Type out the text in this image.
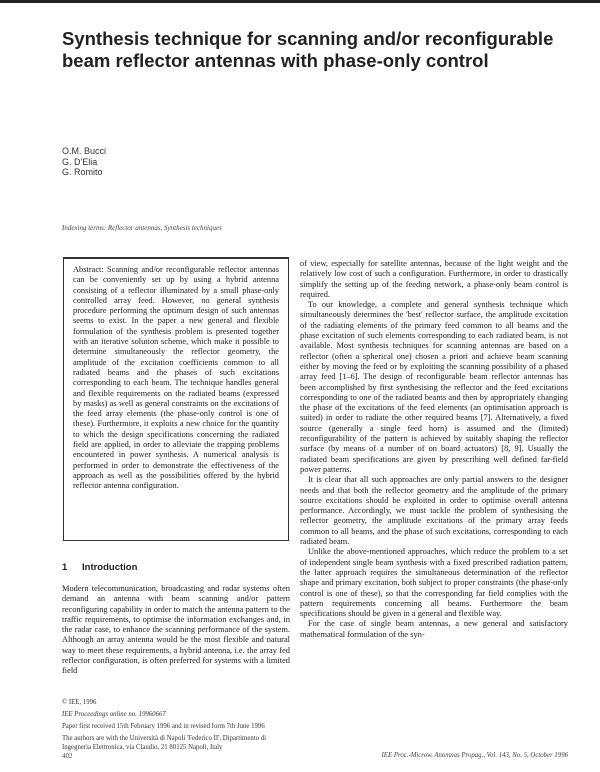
Synthesis technique for scanning and/or reconfigurable beam reflector antennas with phase-only control
O.M. Bucci
G. D'Elia
G. Romito
Indexing terms: Reflector antennas, Synthesis techniques

Abstract: Scanning and/or reconfigurable reflector antennas can be conveniently set up by using a hybrid antenna consisting of a reflector illuminated by a small phase-only controlled array feed. However, no general synthesis procedure performing the optimum design of such antennas seems to exist. In the paper a new general and flexible formulation of the synthesis problem is presented together with an iterative solution scheme, which make it possible to determine simultaneously the reflector geometry, the amplitude of the excitation coefficients common to all radiated beams and the phases of such excitations corresponding to each beam. The technique handles general and flexible requirements on the radiated beams (expressed by masks) as well as general constraints on the excitations of the feed array elements (the phase-only control is one of these). Furthermore, it exploits a new choice for the quantity to which the design specifications concerning the radiated field are applied, in order to alleviate the trapping problems encountered in power synthesis. A numerical analysis is performed in order to demonstrate the effectiveness of the approach as well as the possibilities offered by the hybrid reflector antenna configuration.

1 Introduction

Modern telecommunication, broadcasting and radar systems often demand an antenna with beam scanning and/or pattern reconfiguring capability in order to match the antenna pattern to the traffic requirements, to optimise the information exchanges and, in the radar case, to enhance the scanning performance of the system. Although an array antenna would be the most flexible and natural way to meet these requirements, a hybrid antenna, i.e. the array fed reflector configuration, is often preferred for systems with a limited field

© IEE, 1996
IEE Proceedings online no. 19960667
Paper first received 15th February 1996 and in revised form 7th June 1996
The authors are with the Università di Napoli 'Federico II', Dipartimento di Ingegneria Elettronica, via Claudio, 21 80125 Napoli, Italy

of view, especially for satellite antennas, because of the light weight and the relatively low cost of such a configuration. Furthermore, in order to drastically simplify the setting up of the feeding network, a phase-only beam control is required.

To our knowledge, a complete and general synthesis technique which simultaneously determines the 'best' reflector surface, the amplitude excitation of the radiating elements of the primary feed common to all beams and the phase excitation of such elements corresponding to each radiated beam, is not available. Most synthesis techniques for scanning antennas are based on a reflector (often a spherical one) chosen a priori and achieve beam scanning either by moving the feed or by exploiting the scanning possibility of a phased array feed [1–6]. The design of reconfigurable beam reflector antennas has been accomplished by first synthesising the reflector and the feed excitations corresponding to one of the radiated beams and then by appropriately changing the phase of the excitations of the feed elements (an optimisation approach is suited) in order to radiate the other required beams [7]. Alternatively, a fixed source (generally a single feed horn) is assumed and the (limited) reconfigurability of the pattern is achieved by suitably shaping the reflector surface (by means of a number of on board actuators) [8, 9]. Usually the radiated beam specifications are given by prescribing well defined far-field power patterns.

It is clear that all such approaches are only partial answers to the designer needs and that both the reflector geometry and the amplitude of the primary source excitations should be exploited in order to optimise overall antenna performance. Accordingly, we must tackle the problem of synthesising the reflector geometry, the amplitude excitations of the primary array feeds common to all beams, and the phase of such excitations, corresponding to each radiated beam.

Unlike the above-mentioned approaches, which reduce the problem to a set of independent single beam synthesis with a fixed prescribed radiation pattern, the latter approach requires the simultaneous determination of the reflector shape and primary excitation, both subject to proper constraints (the phase-only control is one of these), so that the corresponding far field complies with the pattern requirements concerning all beams. Furthermore the beam specifications should be given in a general and flexible way.

For the case of single beam antennas, a new general and satisfactory mathematical formulation of the syn-

402	IEE Proc.-Microw. Antennas Propag., Vol. 143, No. 5, October 1996
